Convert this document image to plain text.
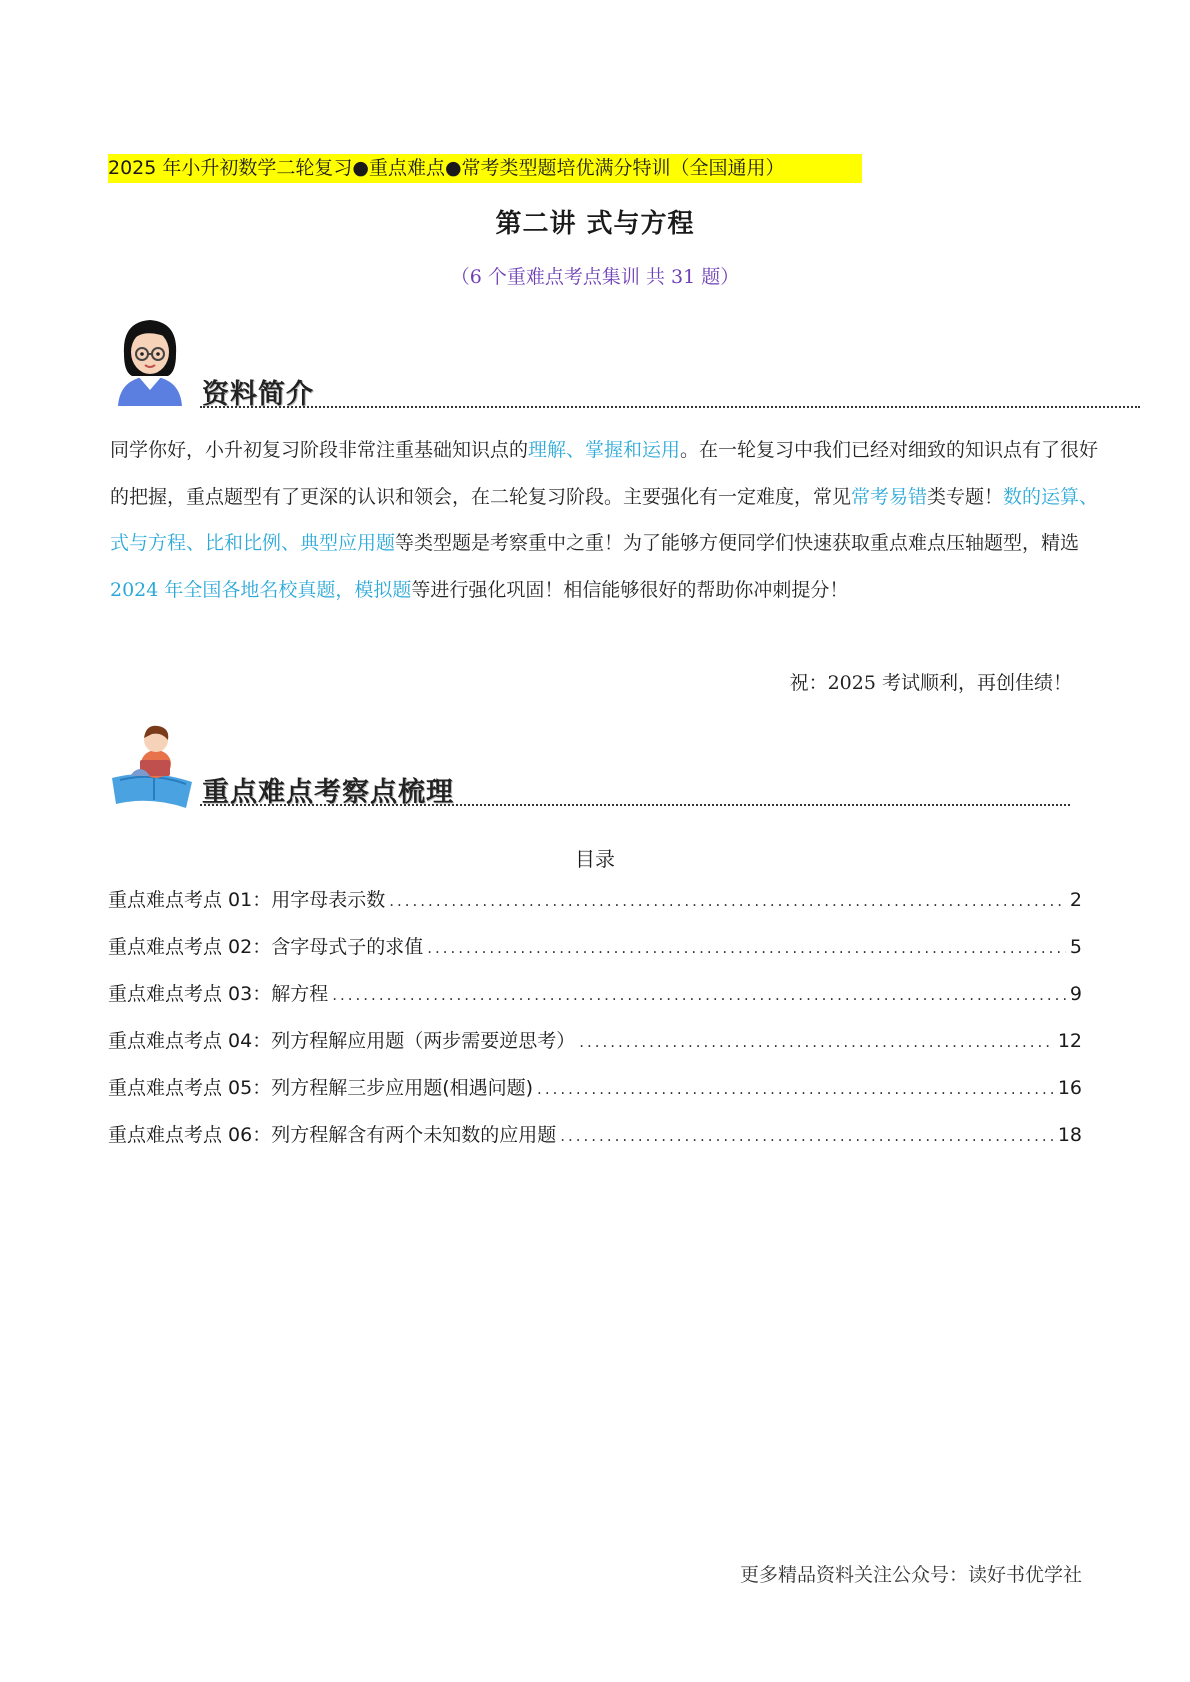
2025 年小升初数学二轮复习●重点难点●常考类型题培优满分特训（全国通用）
第二讲 式与方程
（6 个重难点考点集训 共 31 题）
资料简介
同学你好，小升初复习阶段非常注重基础知识点的理解、掌握和运用。在一轮复习中我们已经对细致的知识点有了很好的把握，重点题型有了更深的认识和领会，在二轮复习阶段。主要强化有一定难度，常见常考易错类专题！数的运算、式与方程、比和比例、典型应用题等类型题是考察重中之重！为了能够方便同学们快速获取重点难点压轴题型，精选2024 年全国各地名校真题，模拟题等进行强化巩固！相信能够很好的帮助你冲刺提分！
祝：2025 考试顺利，再创佳绩！
重点难点考察点梳理
目录
重点难点考点 01：用字母表示数 .....	2
重点难点考点 02：含字母式子的求值 .....	5
重点难点考点 03：解方程 .....	9
重点难点考点 04：列方程解应用题（两步需要逆思考） .....	12
重点难点考点 05：列方程解三步应用题(相遇问题) .....	16
重点难点考点 06：列方程解含有两个未知数的应用题 .....	18
更多精品资料关注公众号：读好书优学社
